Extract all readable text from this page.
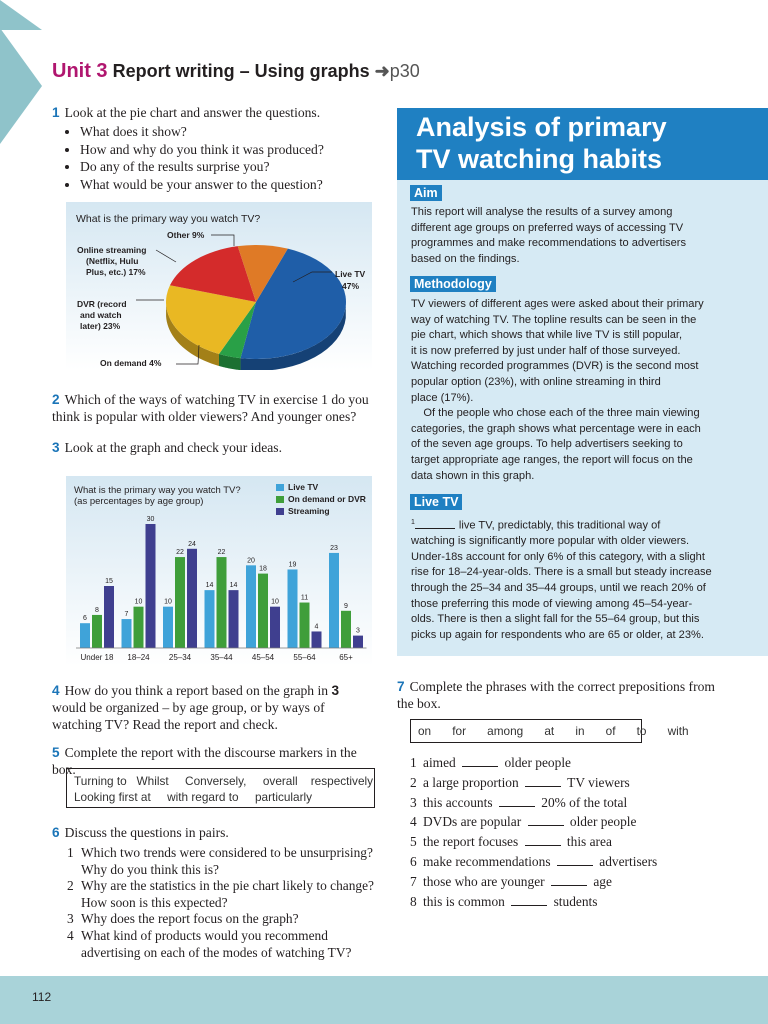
Unit 3 Report writing – Using graphs ➜p30
1 Look at the pie chart and answer the questions.
• What does it show?
• How and why do you think it was produced?
• Do any of the results surprise you?
• What would be your answer to the question?
What is the primary way you watch TV?
Live TV
47%
DVR (record
and watch
later) 23%
Online streaming
(Netflix, Hulu
Plus, etc.) 17%
Other 9%
On demand 4%
2 Which of the ways of watching TV in exercise 1 do you think is popular with older viewers? And younger ones?
3 Look at the graph and check your ideas.
What is the primary way you watch TV?
(as percentages by age group)
Live TV
On demand or DVR
Streaming
6
8
15
Under 18
7
10
30
18–24
10
22
24
25–34
14
22
14
35–44
20
18
10
45–54
19
11
4
55–64
23
9
3
65+
4 How do you think a report based on the graph in 3 would be organized – by age group, or by ways of watching TV? Read the report and check.
5 Complete the report with the discourse markers in the box.
Turning to Whilst Conversely, overall respectively
Looking first at with regard to particularly
6 Discuss the questions in pairs.
1 Which two trends were considered to be unsurprising?
Why do you think this is?
2 Why are the statistics in the pie chart likely to change?
How soon is this expected?
3 Why does the report focus on the graph?
4 What kind of products would you recommend
advertising on each of the modes of watching TV?
Analysis of primary
TV watching habits
Aim
This report will analyse the results of a survey among
different age groups on preferred ways of accessing TV
programmes and make recommendations to advertisers
based on the findings.
Methodology
TV viewers of different ages were asked about their primary
way of watching TV. The topline results can be seen in the
pie chart, which shows that while live TV is still popular,
it is now preferred by just under half of those surveyed.
Watching recorded programmes (DVR) is the second most
popular option (23%), with online streaming in third
place (17%).
Of the people who chose each of the three main viewing
categories, the graph shows what percentage were in each
of the seven age groups. To help advertisers seeking to
target appropriate age ranges, the report will focus on the
data shown in this graph.
Live TV
$^1$	live TV, predictably, this traditional way of
watching is significantly more popular with older viewers.
Under-18s account for only 6% of this category, with a slight
rise for 18–24-year-olds. There is a small but steady increase
through the 25–34 and 35–44 groups, until we reach 20% of
those preferring this mode of viewing among 45–54-year-
olds. There is then a slight fall for the 55–64 group, but this
picks up again for respondents who are 65 or older, at 23%.
7 Complete the phrases with the correct prepositions from the box.
on for among at in of to with
1 aimed	older people
2 a large proportion	TV viewers
3 this accounts	20% of the total
4 DVDs are popular	older people
5 the report focuses	this area
6 make recommendations	advertisers
7 those who are younger	age
8 this is common	students
112
